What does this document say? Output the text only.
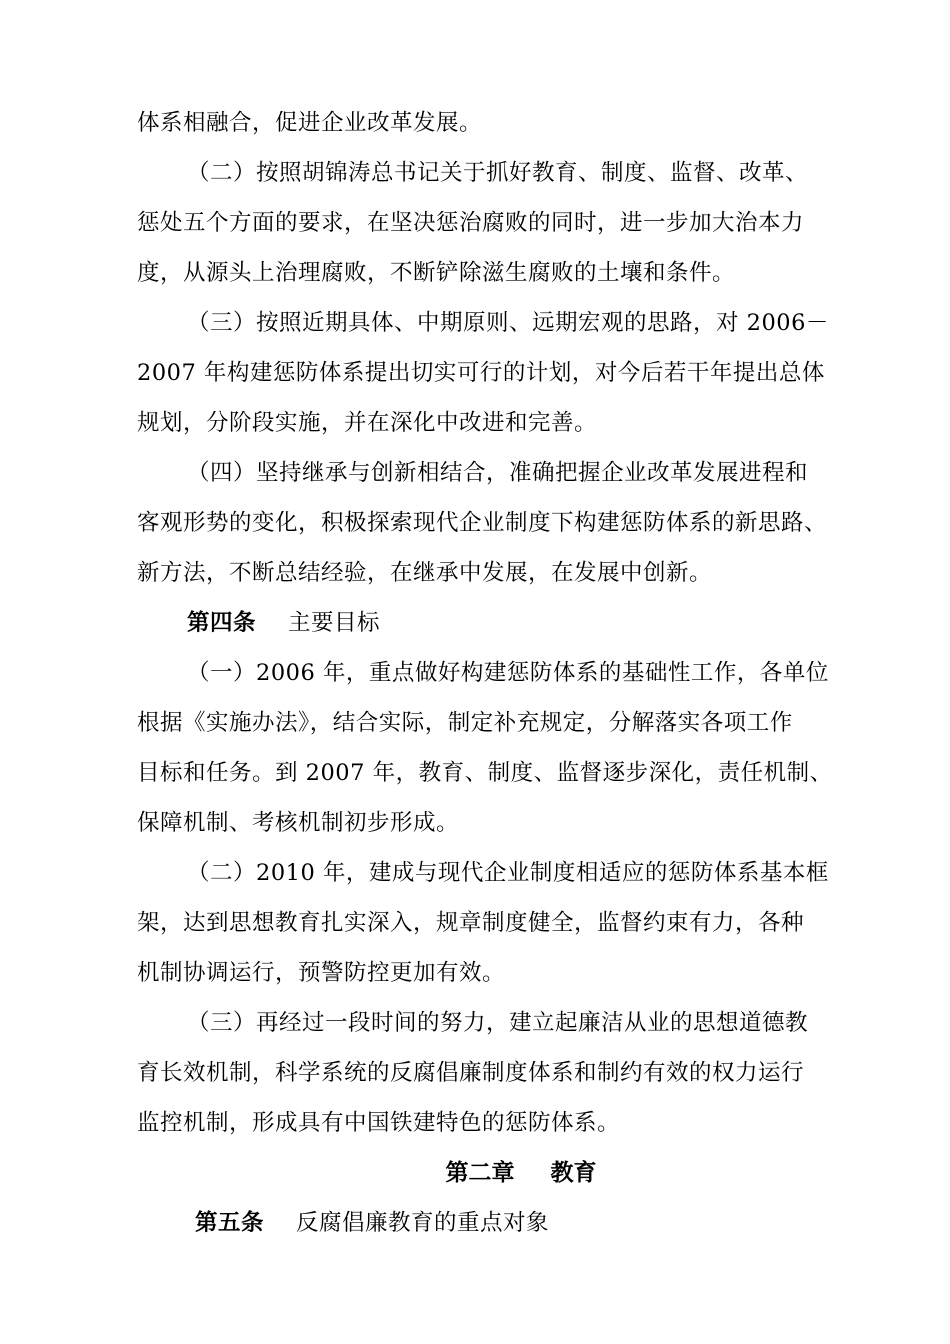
体系相融合，促进企业改革发展。
（二）按照胡锦涛总书记关于抓好教育、制度、监督、改革、
惩处五个方面的要求，在坚决惩治腐败的同时，进一步加大治本力
度，从源头上治理腐败，不断铲除滋生腐败的土壤和条件。
（三）按照近期具体、中期原则、远期宏观的思路，对 2006－
2007 年构建惩防体系提出切实可行的计划，对今后若干年提出总体
规划，分阶段实施，并在深化中改进和完善。
（四）坚持继承与创新相结合，准确把握企业改革发展进程和
客观形势的变化，积极探索现代企业制度下构建惩防体系的新思路、
新方法，不断总结经验，在继承中发展，在发展中创新。
第四条 主要目标
（一）2006 年，重点做好构建惩防体系的基础性工作，各单位
根据《实施办法》，结合实际，制定补充规定，分解落实各项工作
目标和任务。到 2007 年，教育、制度、监督逐步深化，责任机制、
保障机制、考核机制初步形成。
（二）2010 年，建成与现代企业制度相适应的惩防体系基本框
架，达到思想教育扎实深入，规章制度健全，监督约束有力，各种
机制协调运行，预警防控更加有效。
（三）再经过一段时间的努力，建立起廉洁从业的思想道德教
育长效机制，科学系统的反腐倡廉制度体系和制约有效的权力运行
监控机制，形成具有中国铁建特色的惩防体系。
第二章 教育
第五条 反腐倡廉教育的重点对象
